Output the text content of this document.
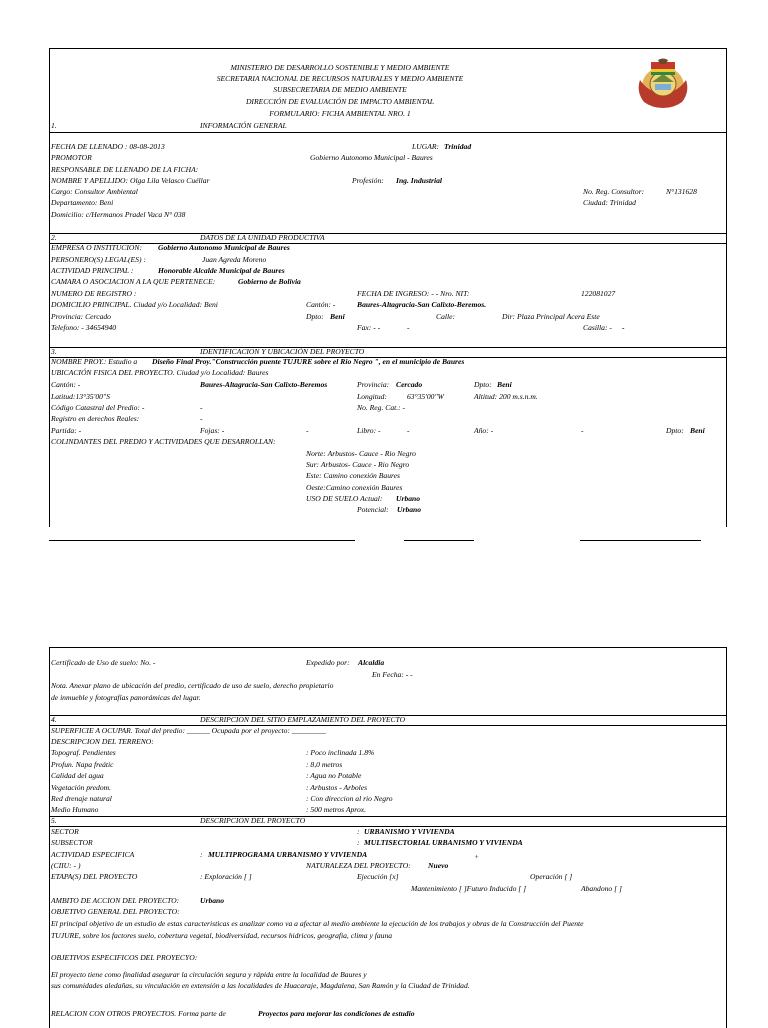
MINISTERIO DE DESARROLLO SOSTENIBLE Y MEDIO AMBIENTE
SECRETARIA NACIONAL DE RECURSOS NATURALES Y MEDIO AMBIENTE
SUBSECRETARIA DE MEDIO AMBIENTE
DIRECCIÓN DE EVALUACIÓN DE IMPACTO AMBIENTAL
FORMULARIO: FICHA AMBIENTAL NRO. 1
1.	INFORMACIÓN GENERAL
FECHA DE LLENADO : 08-08-2013	LUGAR: Trinidad
PROMOTOR	Gobierno Autonomo Municipal - Baures
RESPONSABLE DE LLENADO DE LA FICHA:
NOMBRE Y APELLIDO: Olga Lila Velasco Cuéllar	Profesión: Ing. Industrial
Cargo: Consultor Ambiental	No. Reg. Consultor:	N°131628
Departamento: Beni	Ciudad: Trinidad
Domicilio: c/Hermanos Pradel Vaca N° 038
2.	DATOS DE LA UNIDAD PRODUCTIVA
EMPRESA O INSTITUCION: Gobierno Autonomo Municipal de Baures
PERSONERO(S) LEGAL(ES) :	Juan Agreda Moreno
ACTIVIDAD PRINCIPAL :	Honorable Alcalde Municipal de Baures
CAMARA O ASOCIACION A LA QUE PERTENECE:	Gobierno de Bolivia
NUMERO DE REGISTRO :	FECHA DE INGRESO: - - Nro. NIT:	122081027
DOMICILIO PRINCIPAL. Ciudad y/o Localidad: Beni	Cantón: -	Baures-Altagracia-San Calixto-Beremos.
Provincia: Cercado	Dpto: Beni	Calle:	Dir: Plaza Principal Acera Este
Telefono: - 34654940	Fax: - -	-	Casilla: - -
3.	IDENTIFICACION Y UBICACIÓN DEL PROYECTO
NOMBRE PROY.: Estudio a Diseño Final Proy."Construcción puente TUJURE sobre el Rio Negro ", en el municipio de Baures
UBICACIÓN FISICA DEL PROYECTO. Ciudad y/o Localidad: Baures
Cantón: -	Baures-Altagracia-San Calixto-Beremos	Provincia: Cercado	Dpto: Beni
Latitud:13°35'00"S	Longitud:	63°35'00"W	Altitud: 200 m.s.n.m.
Código Catastral del Predio: -	-	No. Reg. Cat.: -
Registro en derechos Reales:	-
Partida: -	Fojas: -	-	Libro: -	-	Año: -	-	Dpto: Beni
COLINDANTES DEL PREDIO Y ACTIVIDADES QUE DESARROLLAN:
Norte: Arbustos- Cauce - Rio Negro
Sur: Arbustos- Cauce - Rio Negro
Este: Camino conexión Baures
Oeste:Camino conexión Baures
USO DE SUELO Actual: Urbano
Potencial: Urbano
Certificado de Uso de suelo: No. -	Expedido por: Alcaldia
En Fecha: - -
Nota. Anexar plano de ubicación del predio, certificado de uso de suelo, derecho propietario
de inmueble y fotografías panorámicas del lugar.
4.	DESCRIPCION DEL SITIO EMPLAZAMIENTO DEL PROYECTO
SUPERFICIE A OCUPAR. Total del predio: ______ Ocupada por el proyecto: _________
DESCRIPCION DEL TERRENO:
Topograf. Pendientes	: Poco inclinada 1.8%
Profun. Napa freátic	: 8,0 metros
Calidad del agua	: Agua no Potable
Vegetación predom.	: Arbustos - Arboles
Red drenaje natural	: Con direccion al rio Negro
Medio Humano	: 500 metros Aprox.
5.	DESCRIPCION DEL PROYECTO
SECTOR	: URBANISMO Y VIVIENDA
SUBSECTOR	: MULTISECTORIAL URBANISMO Y VIVIENDA
ACTIVIDAD ESPECIFICA	: MULTIPROGRAMA URBANISMO Y VIVIENDA	+
(CIIU: - )	NATURALEZA DEL PROYECTO: Nuevo
ETAPA(S) DEL PROYECTO	: Exploración [ ]	Ejecución [x]	Operación [ ]
Mantenimiento [ ]Futuro Inducido [ ]	Abandono [ ]
AMBITO DE ACCION DEL PROYECTO:	Urbano
OBJETIVO GENERAL DEL PROYECTO:
El principal objetivo de un estudio de estas caracteristicas es analizar como va a afectar al medio ambiente la ejecución de los trabajos y obras de la Construcción del Puente
TUJURE, sobre los factores suelo, cobertura vegetal, biodiversidad, recursos hidricos, geografia, clima y fauna
OBJETIVOS ESPECIFICOS DEL PROYECYO:
El proyecto tiene como finalidad asegurar la circulación segura y rápida entre la localidad de Baures y
sus comunidades aledañas, su vinculación en extensión a las localidades de Huacaraje, Magdalena, San Ramón y la Ciudad de Trinidad.
RELACION CON OTROS PROYECTOS. Forma parte de	Proyectos para mejorar las condiciones de estudio
